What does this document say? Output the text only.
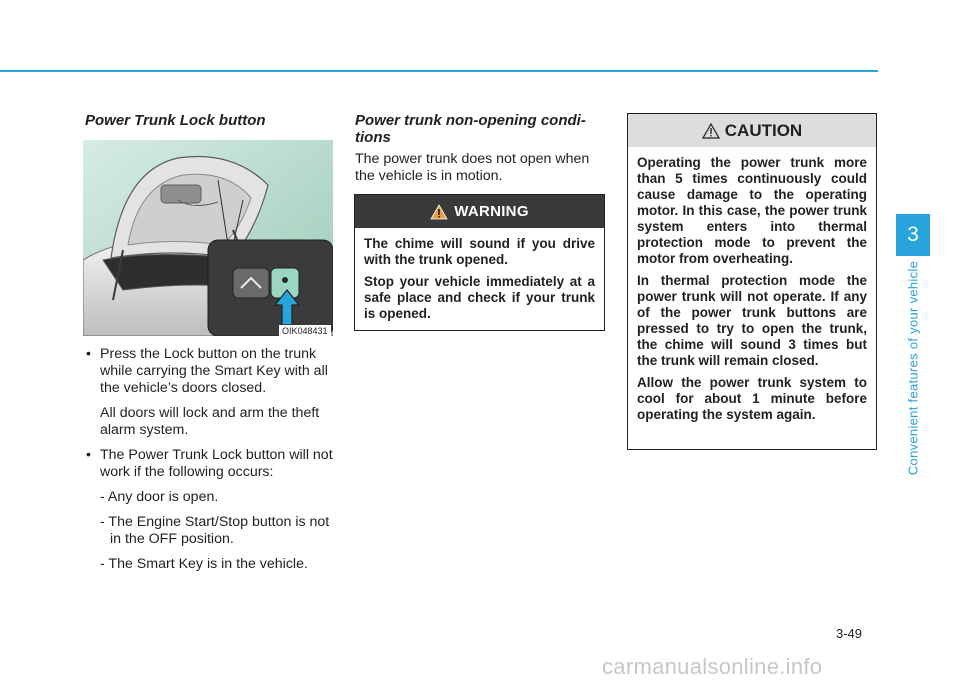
Power Trunk Lock button
OIK048431

• Press the Lock button on the trunk while carrying the Smart Key with all the vehicle’s doors closed.

All doors will lock and arm the theft alarm system.

• The Power Trunk Lock button will not work if the following occurs:

- Any door is open.

- The Engine Start/Stop button is not in the OFF position.

- The Smart Key is in the vehicle.

Power trunk non-opening condi-tions
The power trunk does not open when the vehicle is in motion.
WARNING

The chime will sound if you drive with the trunk opened.

Stop your vehicle immediately at a safe place and check if your trunk is opened.

CAUTION

Operating the power trunk more than 5 times continuously could cause damage to the operating motor. In this case, the power trunk system enters into thermal protection mode to prevent the motor from overheating.

In thermal protection mode the power trunk will not operate. If any of the power trunk buttons are pressed to try to open the trunk, the chime will sound 3 times but the trunk will remain closed.

Allow the power trunk system to cool for about 1 minute before operating the system again.

3
Convenient features of your vehicle
3-49
carmanualsonline.info
